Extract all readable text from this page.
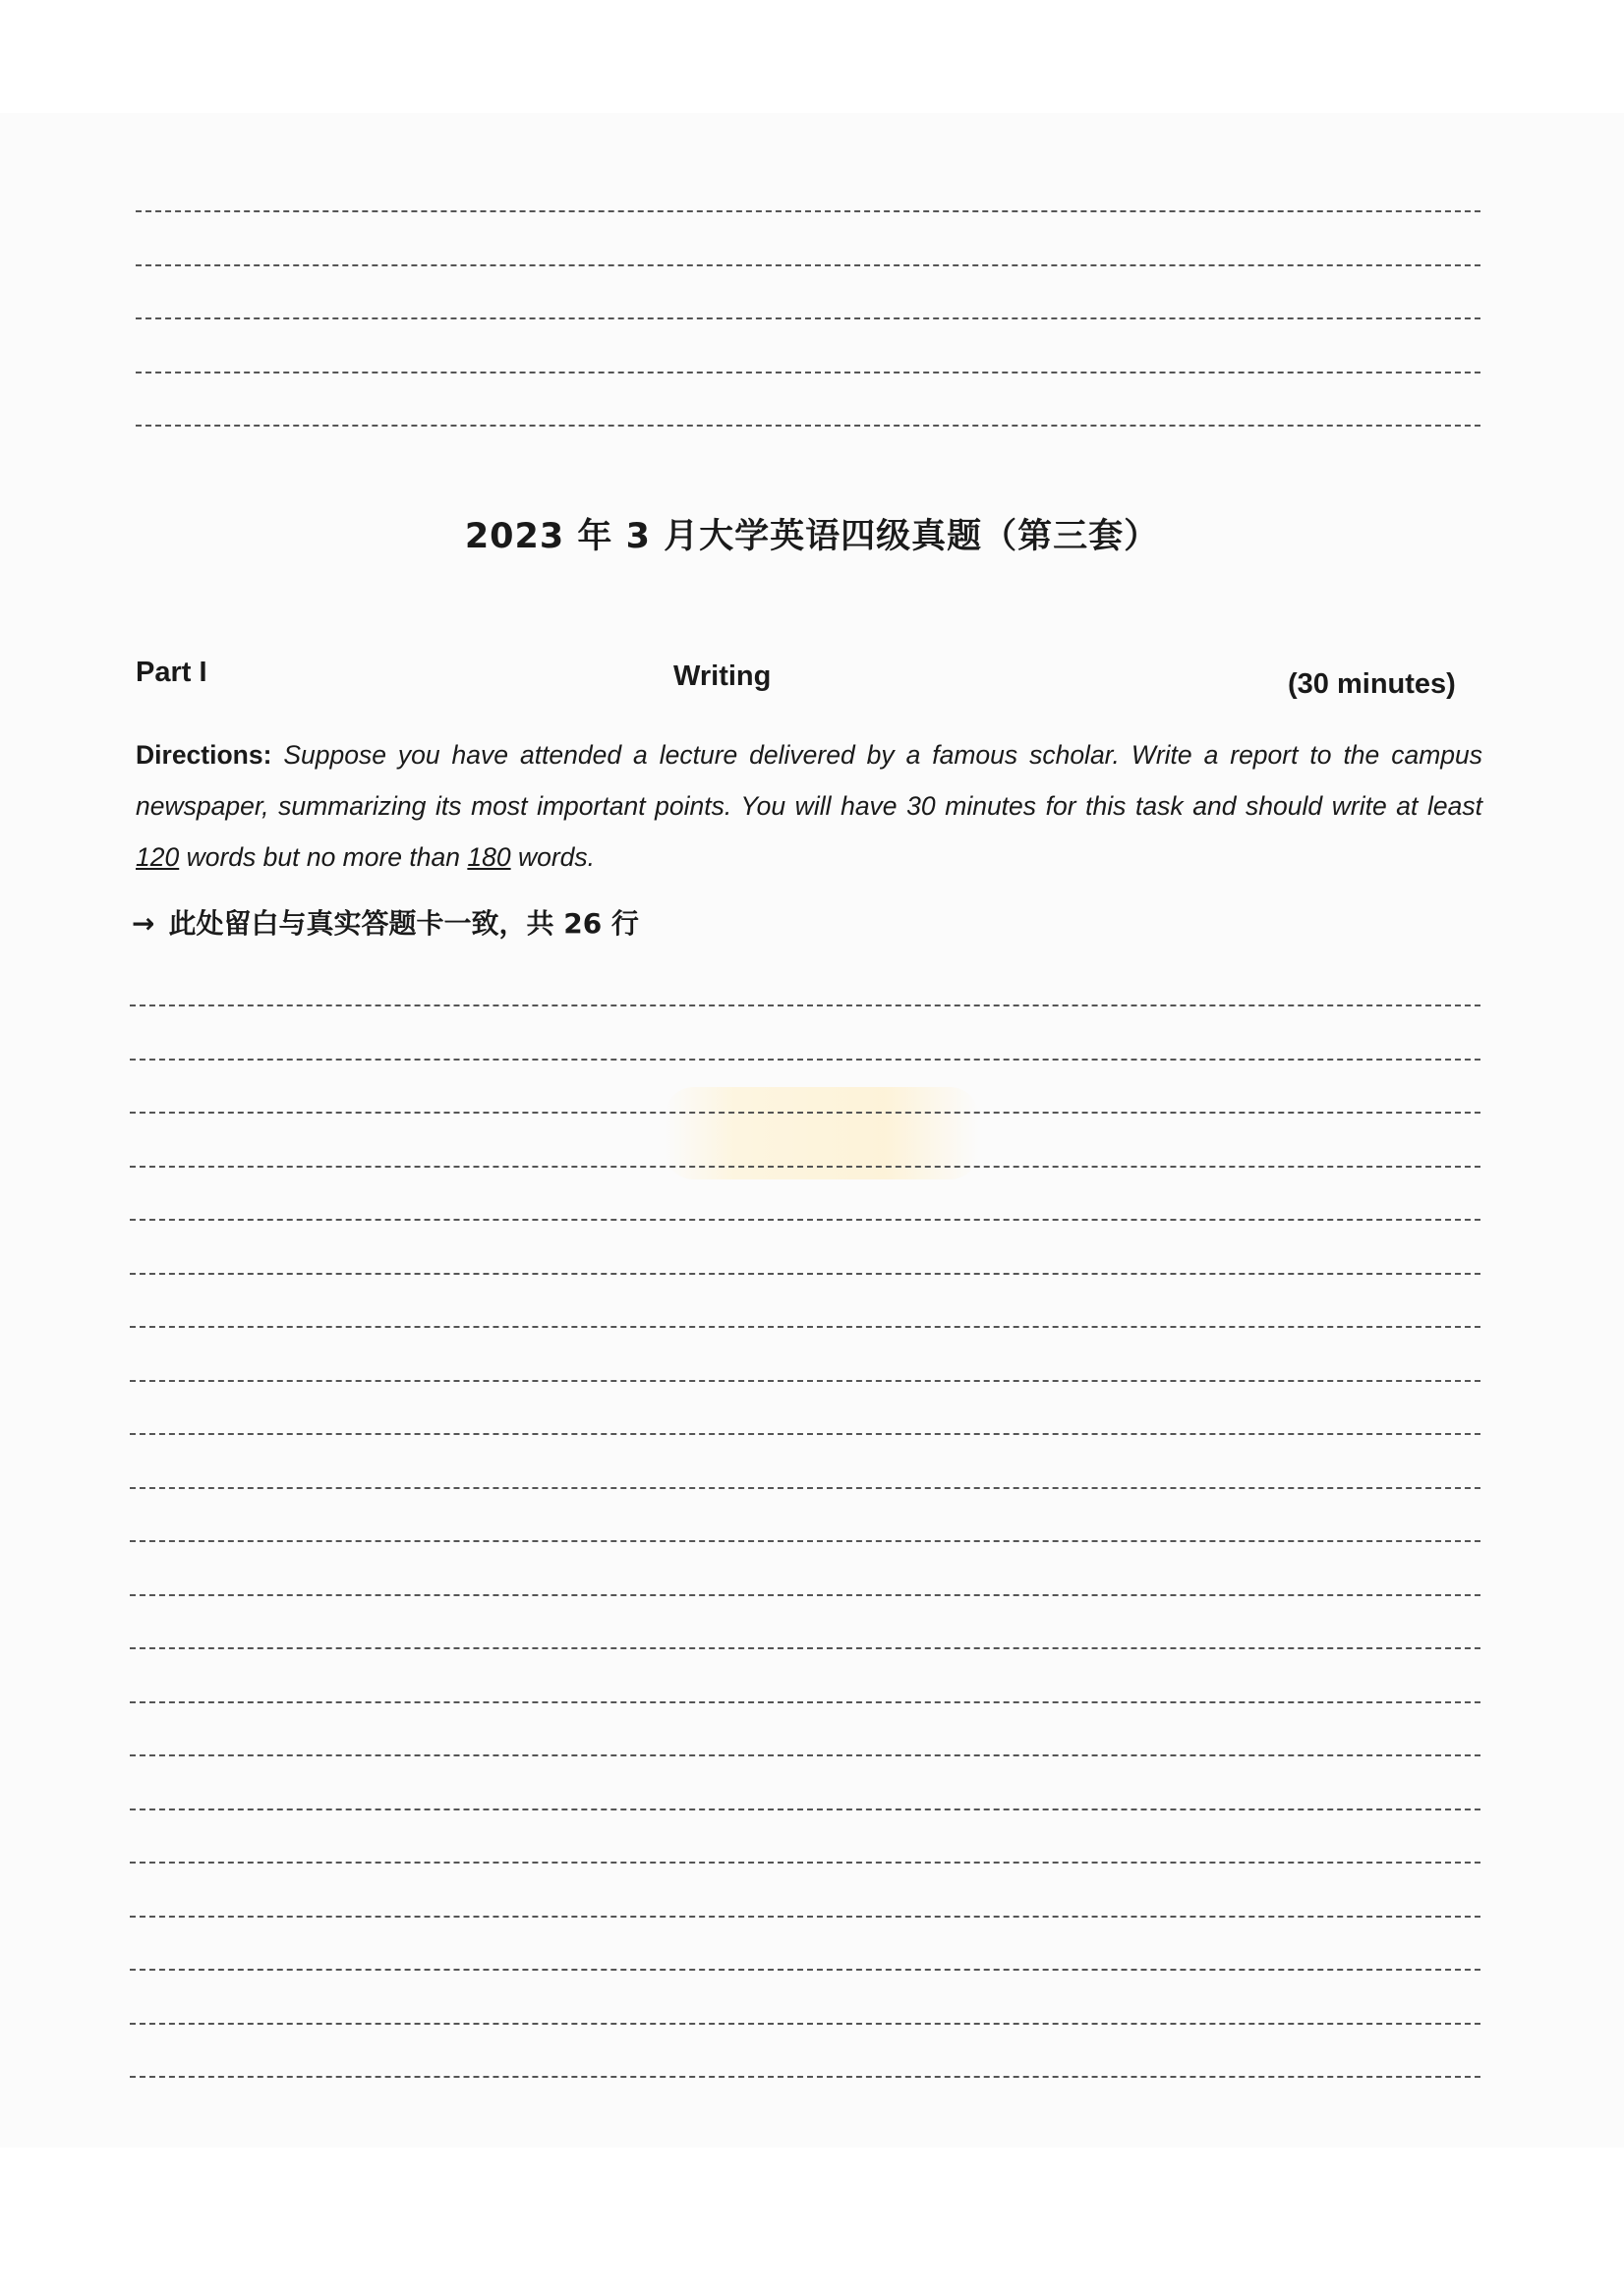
2023 年 3 月大学英语四级真题（第三套）
Part I	Writing	(30 minutes)
Directions: Suppose you have attended a lecture delivered by a famous scholar. Write a report to the campus newspaper, summarizing its most important points. You will have 30 minutes for this task and should write at least 120 words but no more than 180 words.
→ 此处留白与真实答题卡一致，共 26 行
